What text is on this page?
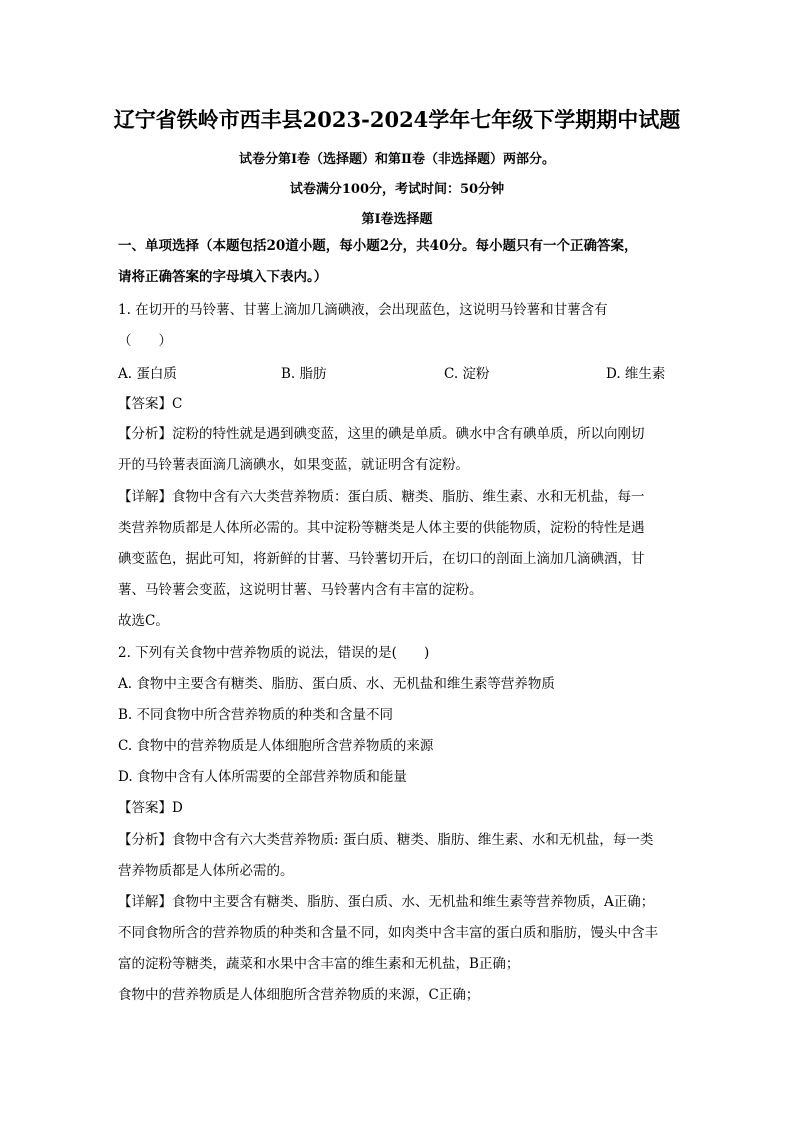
辽宁省铁岭市西丰县2023-2024学年七年级下学期期中试题
试卷分第Ⅰ卷（选择题）和第Ⅱ卷（非选择题）两部分。
试卷满分100分，考试时间：50分钟
第Ⅰ卷选择题
一、单项选择（本题包括20道小题，每小题2分，共40分。每小题只有一个正确答案，
请将正确答案的字母填入下表内。）
1. 在切开的马铃薯、甘薯上滴加几滴碘液，会出现蓝色，这说明马铃薯和甘薯含有
（　　）
A. 蛋白质	B. 脂肪	C. 淀粉	D. 维生素
【答案】C
【分析】淀粉的特性就是遇到碘变蓝，这里的碘是单质。碘水中含有碘单质，所以向刚切
开的马铃薯表面滴几滴碘水，如果变蓝，就证明含有淀粉。
【详解】食物中含有六大类营养物质：蛋白质、糖类、脂肪、维生素、水和无机盐，每一
类营养物质都是人体所必需的。其中淀粉等糖类是人体主要的供能物质，淀粉的特性是遇
碘变蓝色，据此可知，将新鲜的甘薯、马铃薯切开后，在切口的剖面上滴加几滴碘酒，甘
薯、马铃薯会变蓝，这说明甘薯、马铃薯内含有丰富的淀粉。
故选C。
2. 下列有关食物中营养物质的说法，错误的是(　　)
A. 食物中主要含有糖类、脂肪、蛋白质、水、无机盐和维生素等营养物质
B. 不同食物中所含营养物质的种类和含量不同
C. 食物中的营养物质是人体细胞所含营养物质的来源
D. 食物中含有人体所需要的全部营养物质和能量
【答案】D
【分析】食物中含有六大类营养物质: 蛋白质、糖类、脂肪、维生素、水和无机盐，每一类
营养物质都是人体所必需的。
【详解】食物中主要含有糖类、脂肪、蛋白质、水、无机盐和维生素等营养物质，A正确；
不同食物所含的营养物质的种类和含量不同，如肉类中含丰富的蛋白质和脂肪，馒头中含丰
富的淀粉等糖类，蔬菜和水果中含丰富的维生素和无机盐，B正确；
食物中的营养物质是人体细胞所含营养物质的来源，C正确；
